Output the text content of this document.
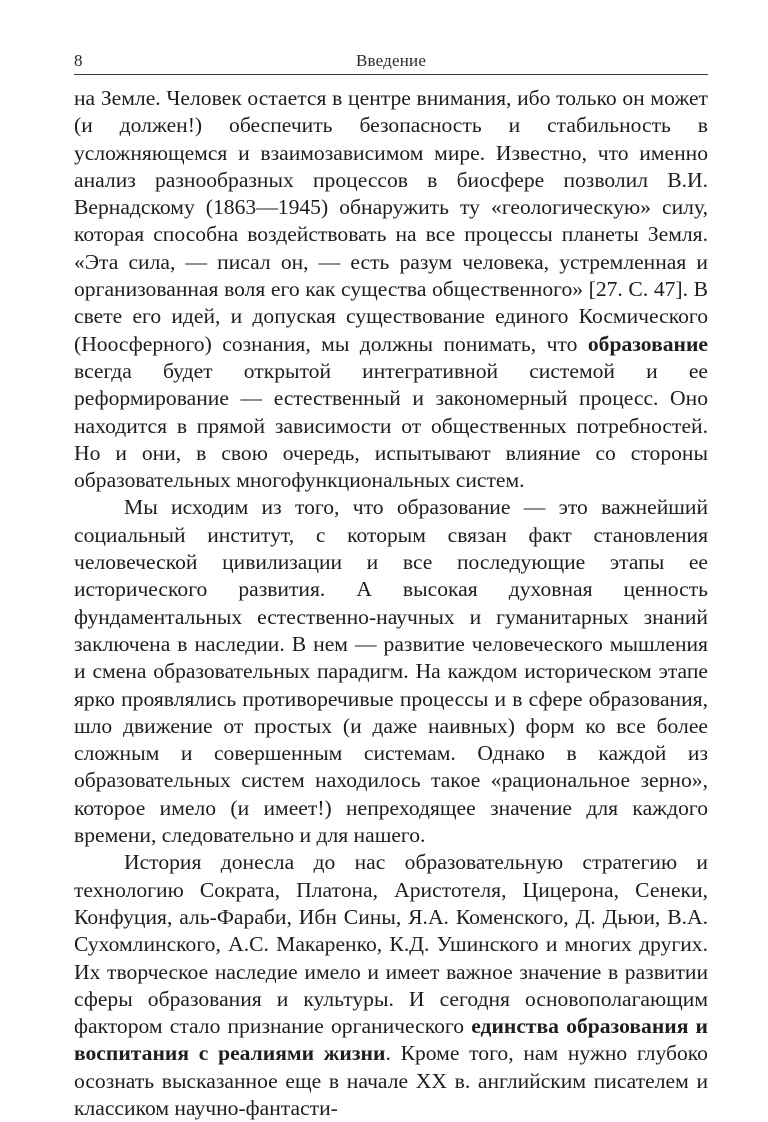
8	Введение

на Земле. Человек остается в центре внимания, ибо только он может (и должен!) обеспечить безопасность и стабильность в усложняющемся и взаимозависимом мире. Известно, что именно анализ разнообразных процессов в биосфере позволил В.И. Вернадскому (1863—1945) обнаружить ту «геологическую» силу, которая способна воздействовать на все процессы планеты Земля. «Эта сила, — писал он, — есть разум человека, устремленная и организованная воля его как существа общественного» [27. С. 47]. В свете его идей, и допуская существование единого Космического (Ноосферного) сознания, мы должны понимать, что образование всегда будет открытой интегративной системой и ее реформирование — естественный и закономерный процесс. Оно находится в прямой зависимости от общественных потребностей. Но и они, в свою очередь, испытывают влияние со стороны образовательных многофункциональных систем.

Мы исходим из того, что образование — это важнейший социальный институт, с которым связан факт становления человеческой цивилизации и все последующие этапы ее исторического развития. А высокая духовная ценность фундаментальных естественно-научных и гуманитарных знаний заключена в наследии. В нем — развитие человеческого мышления и смена образовательных парадигм. На каждом историческом этапе ярко проявлялись противоречивые процессы и в сфере образования, шло движение от простых (и даже наивных) форм ко все более сложным и совершенным системам. Однако в каждой из образовательных систем находилось такое «рациональное зерно», которое имело (и имеет!) непреходящее значение для каждого времени, следовательно и для нашего.

История донесла до нас образовательную стратегию и технологию Сократа, Платона, Аристотеля, Цицерона, Сенеки, Конфуция, аль-Фараби, Ибн Сины, Я.А. Коменского, Д. Дьюи, В.А. Сухомлинского, А.С. Макаренко, К.Д. Ушинского и многих других. Их творческое наследие имело и имеет важное значение в развитии сферы образования и культуры. И сегодня основополагающим фактором стало признание органического единства образования и воспитания с реалиями жизни. Кроме того, нам нужно глубоко осознать высказанное еще в начале XX в. английским писателем и классиком научно-фантасти-
